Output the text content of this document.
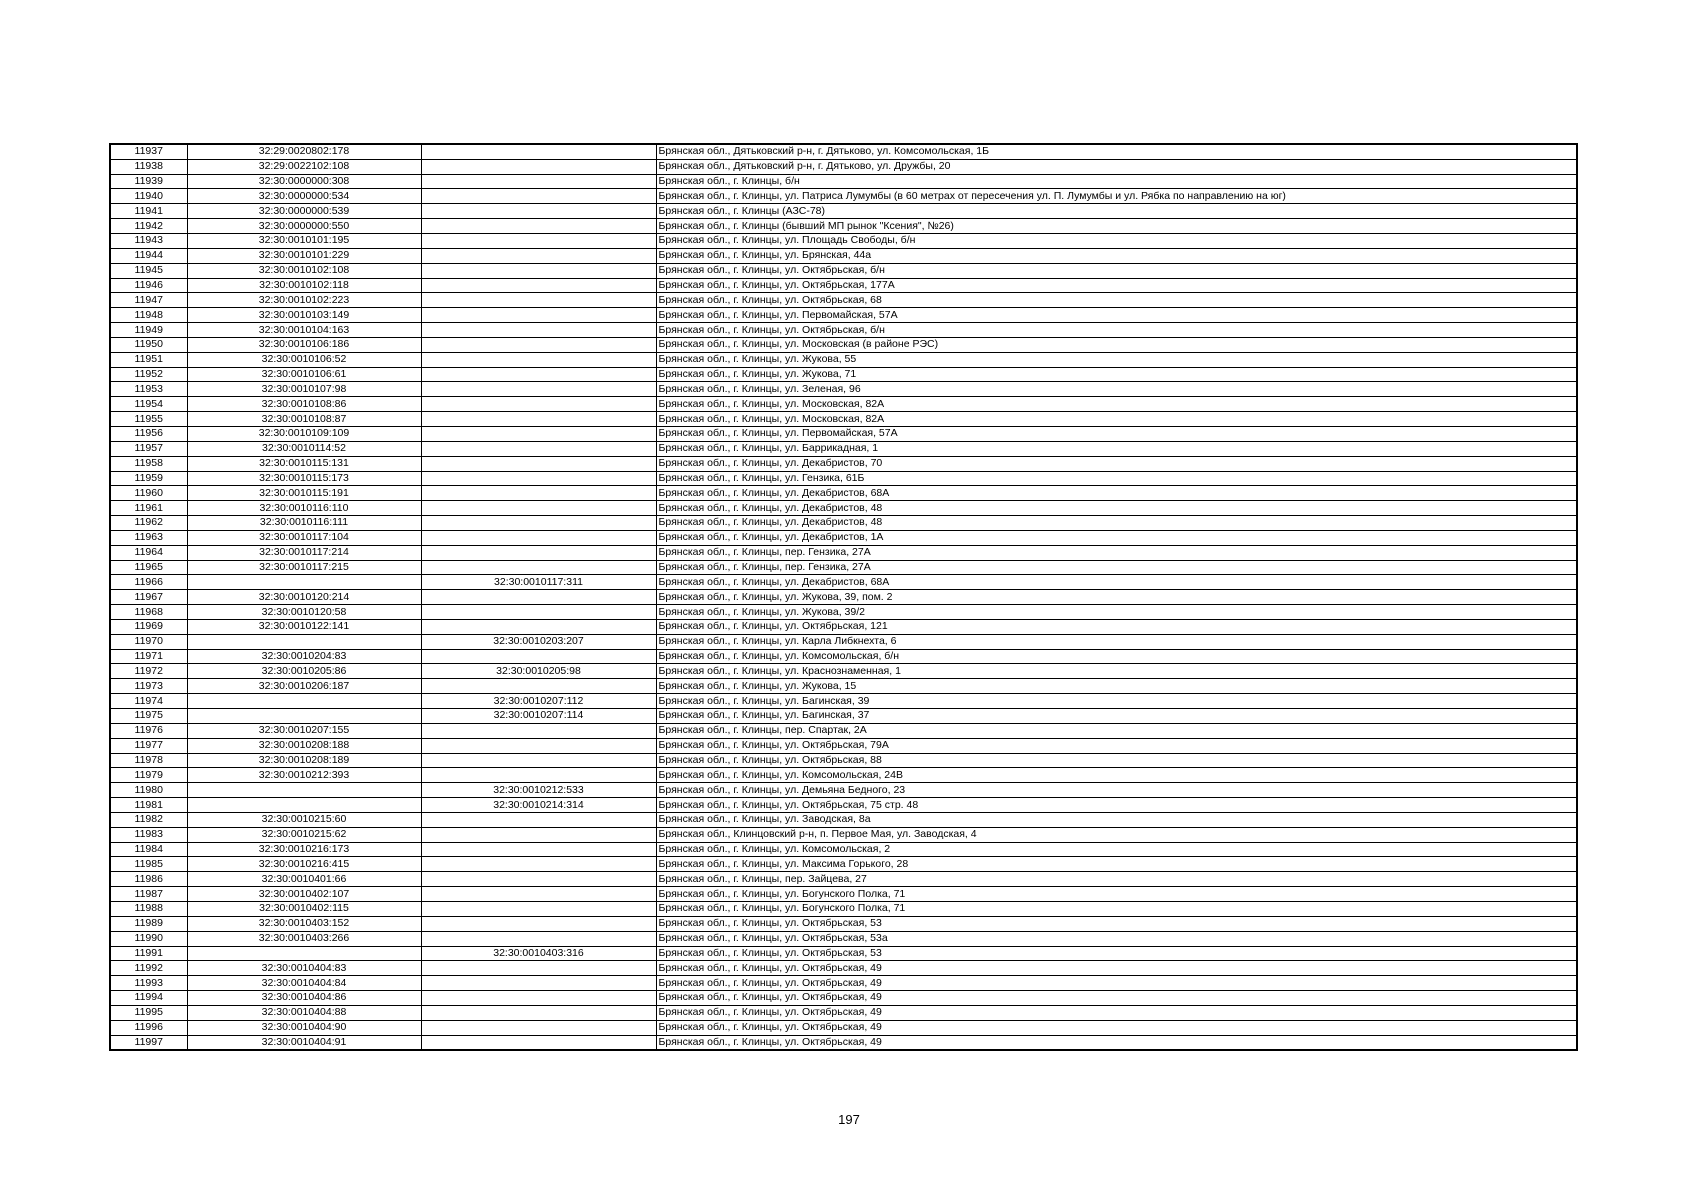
11937	32:29:0020802:178		Брянская обл., Дятьковский р-н, г. Дятьково, ул. Комсомольская, 1Б
11938	32:29:0022102:108		Брянская обл., Дятьковский р-н, г. Дятьково, ул. Дружбы, 20
11939	32:30:0000000:308		Брянская обл., г. Клинцы, б/н
11940	32:30:0000000:534		Брянская обл., г. Клинцы, ул. Патриса Лумумбы (в 60 метрах от пересечения ул. П. Лумумбы и ул. Рябка по направлению на юг)
11941	32:30:0000000:539		Брянская обл., г. Клинцы (АЗС-78)
11942	32:30:0000000:550		Брянская обл., г. Клинцы (бывший МП рынок "Ксения", №26)
11943	32:30:0010101:195		Брянская обл., г. Клинцы, ул. Площадь Свободы, б/н
11944	32:30:0010101:229		Брянская обл., г. Клинцы, ул. Брянская, 44а
11945	32:30:0010102:108		Брянская обл., г. Клинцы, ул. Октябрьская, б/н
11946	32:30:0010102:118		Брянская обл., г. Клинцы, ул. Октябрьская, 177А
11947	32:30:0010102:223		Брянская обл., г. Клинцы, ул. Октябрьская, 68
11948	32:30:0010103:149		Брянская обл., г. Клинцы, ул. Первомайская, 57А
11949	32:30:0010104:163		Брянская обл., г. Клинцы, ул. Октябрьская, б/н
11950	32:30:0010106:186		Брянская обл., г. Клинцы, ул. Московская (в районе РЭС)
11951	32:30:0010106:52		Брянская обл., г. Клинцы, ул. Жукова, 55
11952	32:30:0010106:61		Брянская обл., г. Клинцы, ул. Жукова, 71
11953	32:30:0010107:98		Брянская обл., г. Клинцы, ул. Зеленая, 96
11954	32:30:0010108:86		Брянская обл., г. Клинцы, ул. Московская, 82А
11955	32:30:0010108:87		Брянская обл., г. Клинцы, ул. Московская, 82А
11956	32:30:0010109:109		Брянская обл., г. Клинцы, ул. Первомайская, 57А
11957	32:30:0010114:52		Брянская обл., г. Клинцы, ул. Баррикадная, 1
11958	32:30:0010115:131		Брянская обл., г. Клинцы, ул. Декабристов, 70
11959	32:30:0010115:173		Брянская обл., г. Клинцы, ул. Гензика, 61Б
11960	32:30:0010115:191		Брянская обл., г. Клинцы, ул. Декабристов, 68А
11961	32:30:0010116:110		Брянская обл., г. Клинцы, ул. Декабристов, 48
11962	32:30:0010116:111		Брянская обл., г. Клинцы, ул. Декабристов, 48
11963	32:30:0010117:104		Брянская обл., г. Клинцы, ул. Декабристов, 1А
11964	32:30:0010117:214		Брянская обл., г. Клинцы, пер. Гензика, 27А
11965	32:30:0010117:215		Брянская обл., г. Клинцы, пер. Гензика, 27А
11966		32:30:0010117:311	Брянская обл., г. Клинцы, ул. Декабристов, 68А
11967	32:30:0010120:214		Брянская обл., г. Клинцы, ул. Жукова, 39, пом. 2
11968	32:30:0010120:58		Брянская обл., г. Клинцы, ул. Жукова, 39/2
11969	32:30:0010122:141		Брянская обл., г. Клинцы, ул. Октябрьская, 121
11970		32:30:0010203:207	Брянская обл., г. Клинцы, ул. Карла Либкнехта, 6
11971	32:30:0010204:83		Брянская обл., г. Клинцы, ул. Комсомольская, б/н
11972	32:30:0010205:86	32:30:0010205:98	Брянская обл., г. Клинцы, ул. Краснознаменная, 1
11973	32:30:0010206:187		Брянская обл., г. Клинцы, ул. Жукова, 15
11974		32:30:0010207:112	Брянская обл., г. Клинцы, ул. Багинская, 39
11975		32:30:0010207:114	Брянская обл., г. Клинцы, ул. Багинская, 37
11976	32:30:0010207:155		Брянская обл., г. Клинцы, пер. Спартак, 2А
11977	32:30:0010208:188		Брянская обл., г. Клинцы, ул. Октябрьская, 79А
11978	32:30:0010208:189		Брянская обл., г. Клинцы, ул. Октябрьская, 88
11979	32:30:0010212:393		Брянская обл., г. Клинцы, ул. Комсомольская, 24В
11980		32:30:0010212:533	Брянская обл., г. Клинцы, ул. Демьяна Бедного, 23
11981		32:30:0010214:314	Брянская обл., г. Клинцы, ул. Октябрьская, 75 стр. 48
11982	32:30:0010215:60		Брянская обл., г. Клинцы, ул. Заводская, 8а
11983	32:30:0010215:62		Брянская обл., Клинцовский р-н, п. Первое Мая, ул. Заводская, 4
11984	32:30:0010216:173		Брянская обл., г. Клинцы, ул. Комсомольская, 2
11985	32:30:0010216:415		Брянская обл., г. Клинцы, ул. Максима Горького, 28
11986	32:30:0010401:66		Брянская обл., г. Клинцы, пер. Зайцева, 27
11987	32:30:0010402:107		Брянская обл., г. Клинцы, ул. Богунского Полка, 71
11988	32:30:0010402:115		Брянская обл., г. Клинцы, ул. Богунского Полка, 71
11989	32:30:0010403:152		Брянская обл., г. Клинцы, ул. Октябрьская, 53
11990	32:30:0010403:266		Брянская обл., г. Клинцы, ул. Октябрьская, 53а
11991		32:30:0010403:316	Брянская обл., г. Клинцы, ул. Октябрьская, 53
11992	32:30:0010404:83		Брянская обл., г. Клинцы, ул. Октябрьская, 49
11993	32:30:0010404:84		Брянская обл., г. Клинцы, ул. Октябрьская, 49
11994	32:30:0010404:86		Брянская обл., г. Клинцы, ул. Октябрьская, 49
11995	32:30:0010404:88		Брянская обл., г. Клинцы, ул. Октябрьская, 49
11996	32:30:0010404:90		Брянская обл., г. Клинцы, ул. Октябрьская, 49
11997	32:30:0010404:91		Брянская обл., г. Клинцы, ул. Октябрьская, 49
197
